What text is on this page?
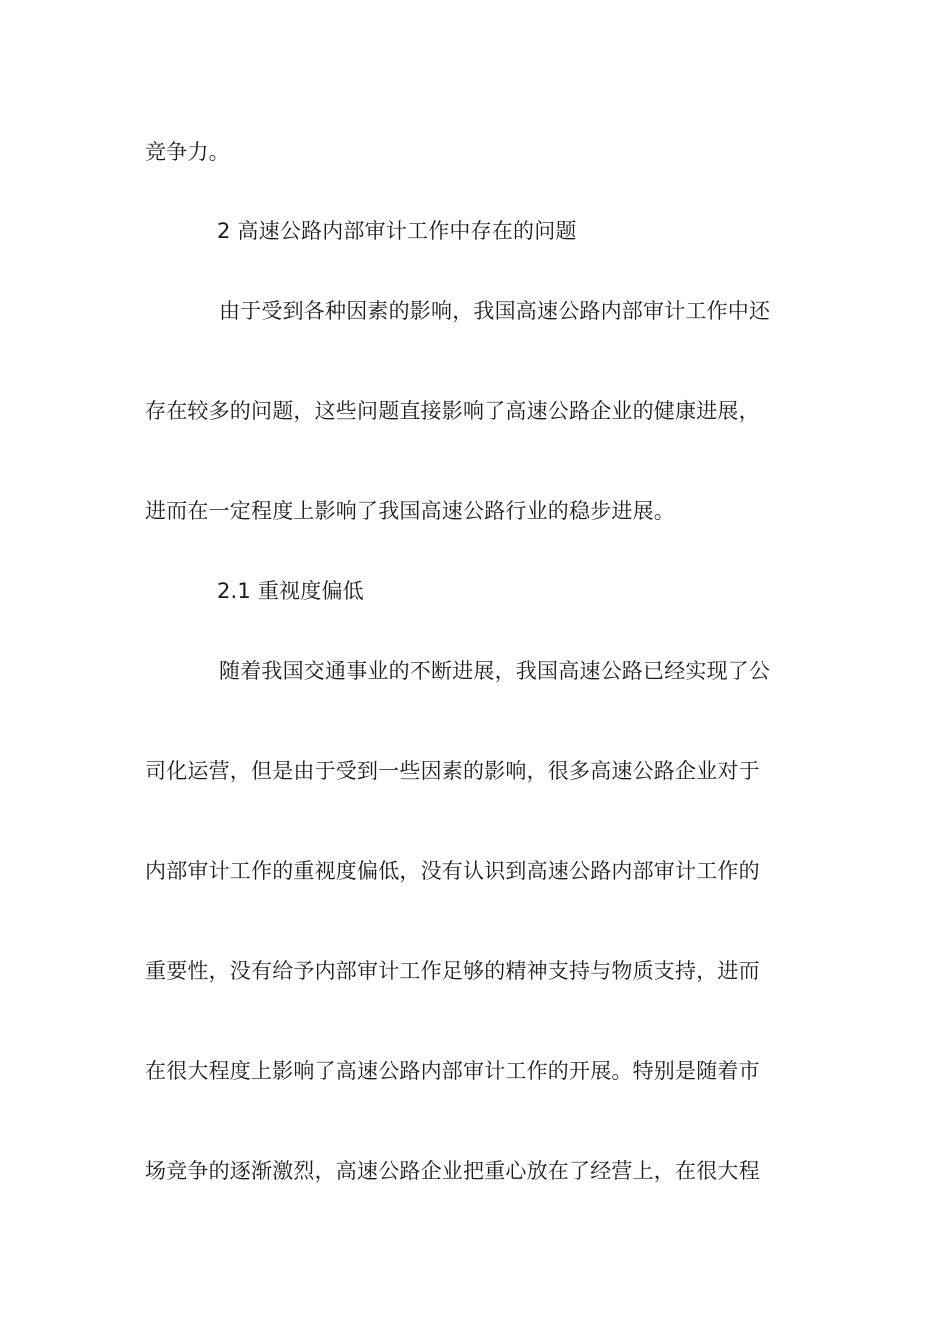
竞争力。
2 高速公路内部审计工作中存在的问题
由于受到各种因素的影响，我国高速公路内部审计工作中还
存在较多的问题，这些问题直接影响了高速公路企业的健康进展，
进而在一定程度上影响了我国高速公路行业的稳步进展。
2.1 重视度偏低
随着我国交通事业的不断进展，我国高速公路已经实现了公
司化运营，但是由于受到一些因素的影响，很多高速公路企业对于
内部审计工作的重视度偏低，没有认识到高速公路内部审计工作的
重要性，没有给予内部审计工作足够的精神支持与物质支持，进而
在很大程度上影响了高速公路内部审计工作的开展。特别是随着市
场竞争的逐渐激烈，高速公路企业把重心放在了经营上，在很大程
